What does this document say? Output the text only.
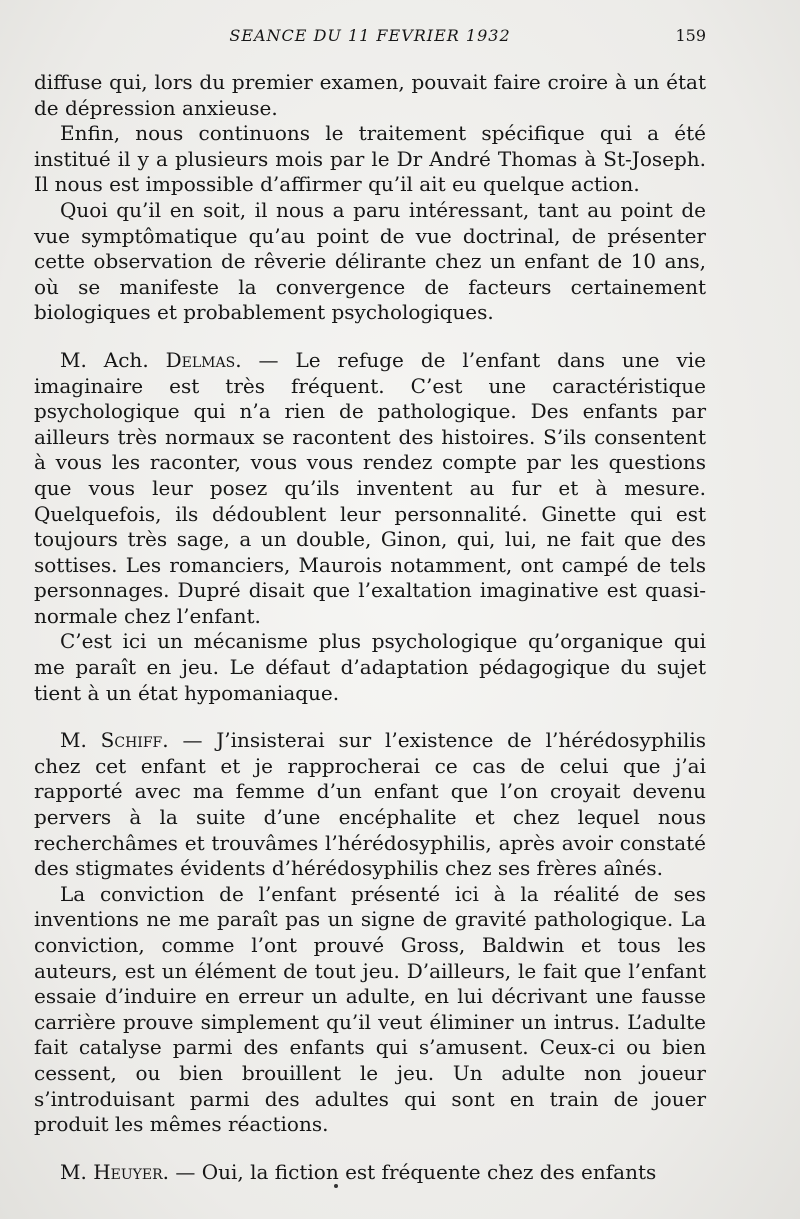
SEANCE DU 11 FEVRIER 1932	159

diffuse qui, lors du premier examen, pouvait faire croire à un état de dépression anxieuse.

Enfin, nous continuons le traitement spécifique qui a été institué il y a plusieurs mois par le Dr André Thomas à St-Joseph. Il nous est impossible d’affirmer qu’il ait eu quelque action.

Quoi qu’il en soit, il nous a paru intéressant, tant au point de vue symptômatique qu’au point de vue doctrinal, de présenter cette observation de rêverie délirante chez un enfant de 10 ans, où se manifeste la convergence de facteurs certainement biologiques et probablement psychologiques.

M. Ach. Delmas. — Le refuge de l’enfant dans une vie imaginaire est très fréquent. C’est une caractéristique psychologique qui n’a rien de pathologique. Des enfants par ailleurs très normaux se racontent des histoires. S’ils consentent à vous les raconter, vous vous rendez compte par les questions que vous leur posez qu’ils inventent au fur et à mesure. Quelquefois, ils dédoublent leur personnalité. Ginette qui est toujours très sage, a un double, Ginon, qui, lui, ne fait que des sottises. Les romanciers, Maurois notamment, ont campé de tels personnages. Dupré disait que l’exaltation imaginative est quasi-normale chez l’enfant.

C’est ici un mécanisme plus psychologique qu’organique qui me paraît en jeu. Le défaut d’adaptation pédagogique du sujet tient à un état hypomaniaque.

M. Schiff. — J’insisterai sur l’existence de l’hérédosyphilis chez cet enfant et je rapprocherai ce cas de celui que j’ai rapporté avec ma femme d’un enfant que l’on croyait devenu pervers à la suite d’une encéphalite et chez lequel nous recherchâmes et trouvâmes l’hérédosyphilis, après avoir constaté des stigmates évidents d’hérédosyphilis chez ses frères aînés.

La conviction de l’enfant présenté ici à la réalité de ses inventions ne me paraît pas un signe de gravité pathologique. La conviction, comme l’ont prouvé Gross, Baldwin et tous les auteurs, est un élément de tout jeu. D’ailleurs, le fait que l’enfant essaie d’induire en erreur un adulte, en lui décrivant une fausse carrière prouve simplement qu’il veut éliminer un intrus. L’adulte fait catalyse parmi des enfants qui s’amusent. Ceux-ci ou bien cessent, ou bien brouillent le jeu. Un adulte non joueur s’introduisant parmi des adultes qui sont en train de jouer produit les mêmes réactions.

M. Heuyer. — Oui, la fiction est fréquente chez des enfants
